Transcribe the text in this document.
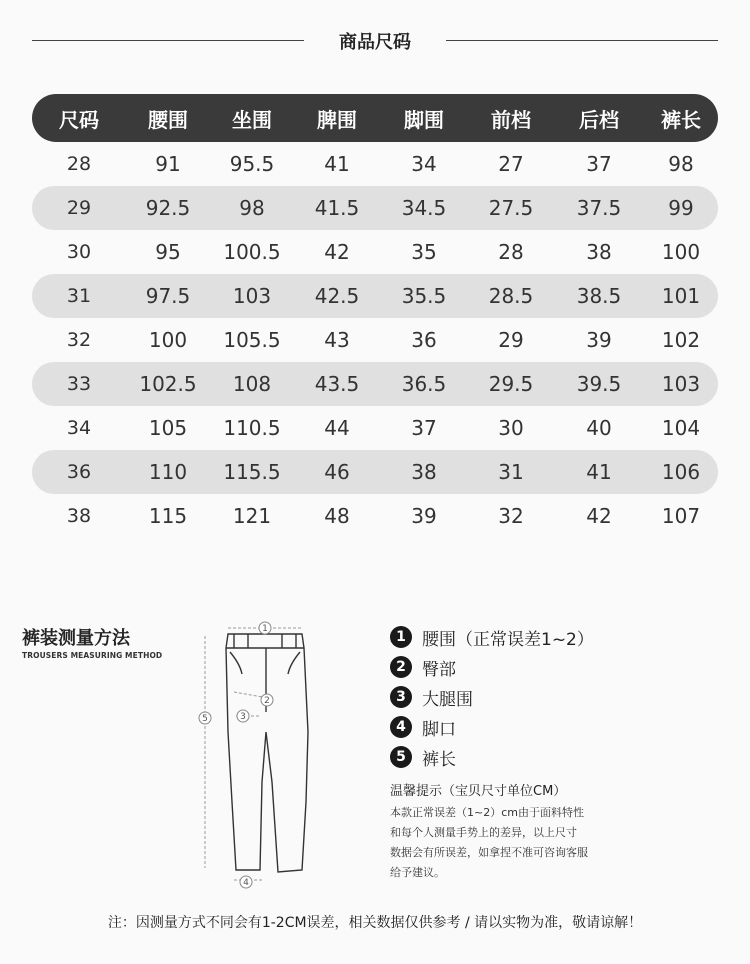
商品尺码
尺码	腰围	坐围	脾围	脚围	前档	后档	裤长
28	91	95.5	41	34	27	37	98
29	92.5	98	41.5	34.5	27.5	37.5	99
30	95	100.5	42	35	28	38	100
31	97.5	103	42.5	35.5	28.5	38.5	101
32	100	105.5	43	36	29	39	102
33	102.5	108	43.5	36.5	29.5	39.5	103
34	105	110.5	44	37	30	40	104
36	110	115.5	46	38	31	41	106
38	115	121	48	39	32	42	107
裤装测量方法
TROUSERS MEASURING METHOD
1
2
3
4
5
1 腰围（正常误差1~2）
2 臀部
3 大腿围
4 脚口
5 裤长
温馨提示（宝贝尺寸单位CM）
本款正常误差（1~2）cm由于面料特性
和每个人测量手势上的差异，以上尺寸
数据会有所误差，如拿捏不准可咨询客服
给予建议。
注：因测量方式不同会有1-2CM误差，相关数据仅供参考 / 请以实物为准，敬请谅解！
